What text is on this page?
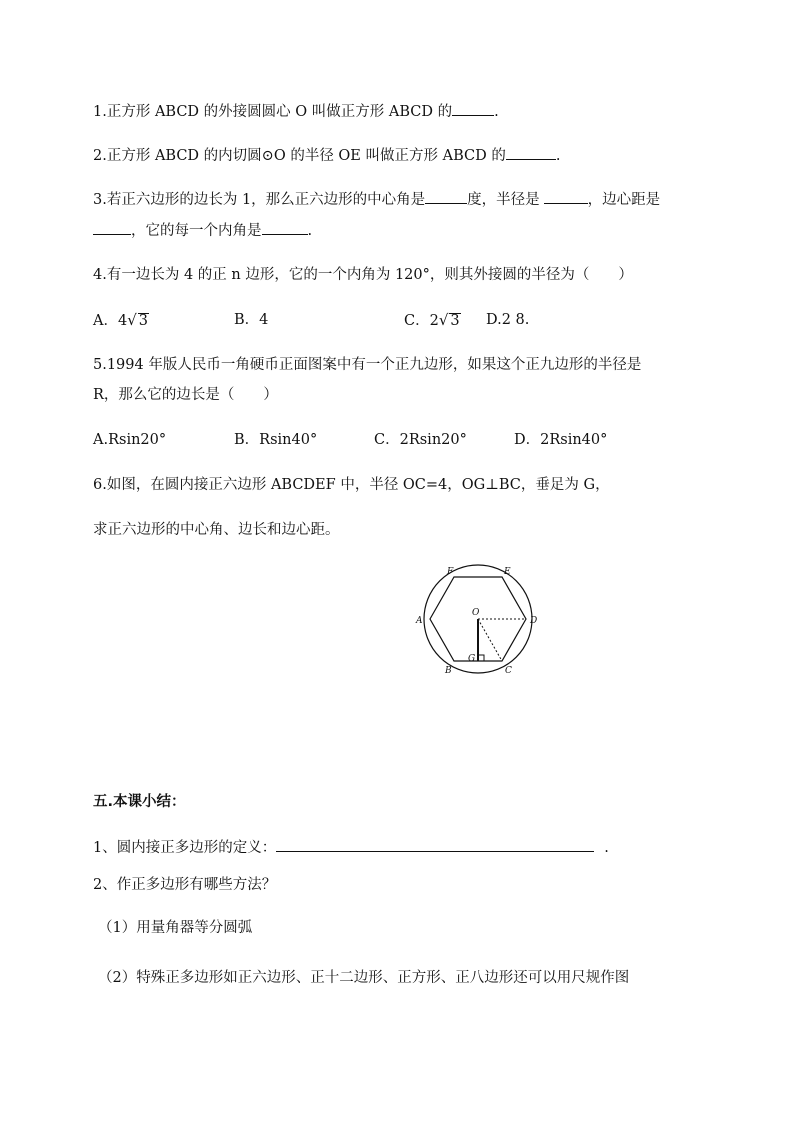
1.正方形 ABCD 的外接圆圆心 O 叫做正方形 ABCD 的	.
2.正方形 ABCD 的内切圆⊙O 的半径 OE 叫做正方形 ABCD 的	.
3.若正六边形的边长为 1，那么正六边形的中心角是	度，半径是	，边心距是
，它的每一个内角是	.
4.有一边长为 4 的正 n 边形，它的一个内角为 120°，则其外接圆的半径为（　　）
A．4√ 3	B．4	C．2√ 3 D.2 8.
5.1994 年版人民币一角硬币正面图案中有一个正九边形，如果这个正九边形的半径是
R，那么它的边长是（　　）
A.Rsin20°	B．Rsin40°	C．2Rsin20°	D．2Rsin40°
6.如图，在圆内接正六边形 ABCDEF 中，半径 OC=4，OG⊥BC，垂足为 G，
求正六边形的中心角、边长和边心距。
A
B	C
D
E
F
O
G
五.本课小结：
1、圆内接正多边形的定义：	.
2、作正多边形有哪些方法？
（1）用量角器等分圆弧
（2）特殊正多边形如正六边形、正十二边形、正方形、正八边形还可以用尺规作图
